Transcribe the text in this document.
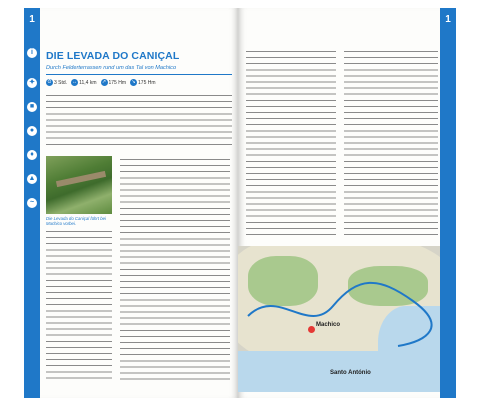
1
i
✦
■
●
♦
▲
~
DIE LEVADA DO CANIÇAL
Durch Felderterrassen rund um das Tal von Machico
⏱ 3 Std. ↔ 11,4 km ↗ 175 Hm ↘ 175 Hm
Die Levada do Caniçal führt bei Machico vorbei.
1
Machico
Santo António
